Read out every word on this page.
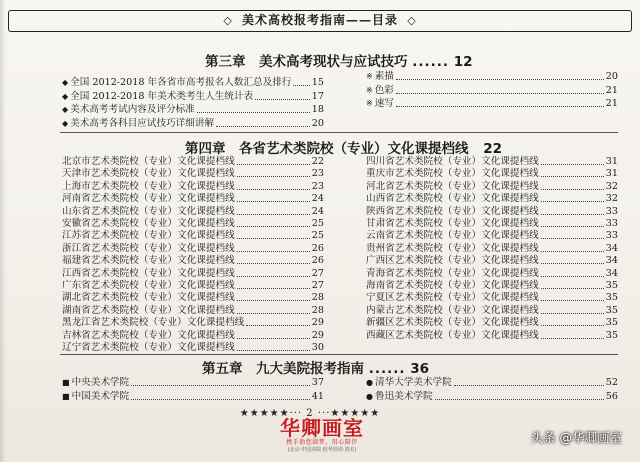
◇ 美术高校报考指南——目录 ◇
第三章　美术高考现状与应试技巧 ...... 12
◆ 全国 2012-2018 年各省市高考报名人数汇总及排行 15
◆ 全国 2012-2018 年美术类考生人生统计表	17
◆ 美术高考考试内容及评分标准	18
◆ 美术高考各科目应试技巧详细讲解	20
※ 素描	20
※ 色彩	21
※ 速写	21
第四章　各省艺术类院校（专业）文化课提档线 22
北京市艺术类院校（专业）文化课提档线	22
天津市艺术类院校（专业）文化课提档线	23
上海市艺术类院校（专业）文化课提档线	23
河南省艺术类院校（专业）文化课提档线	24
山东省艺术类院校（专业）文化课提档线	24
安徽省艺术类院校（专业）文化课提档线	25
江苏省艺术类院校（专业）文化课提档线	25
浙江省艺术类院校（专业）文化课提档线	26
福建省艺术类院校（专业）文化课提档线	26
江西省艺术类院校（专业）文化课提档线	27
广东省艺术类院校（专业）文化课提档线	27
湖北省艺术类院校（专业）文化课提档线	28
湖南省艺术类院校（专业）文化课提档线	28
黑龙江省艺术类院校（专业）文化课提档线	29
吉林省艺术类院校（专业）文化课提档线	29
辽宁省艺术类院校（专业）文化课提档线	30
四川省艺术类院校（专业）文化课提档线	31
重庆市艺术类院校（专业）文化课提档线	31
河北省艺术类院校（专业）文化课提档线	32
山西省艺术类院校（专业）文化课提档线	32
陕西省艺术类院校（专业）文化课提档线	33
甘肃省艺术类院校（专业）文化课提档线	33
云南省艺术类院校（专业）文化课提档线	33
贵州省艺术类院校（专业）文化课提档线	34
广西区艺术类院校（专业）文化课提档线	34
青海省艺术类院校（专业）文化课提档线	34
海南省艺术类院校（专业）文化课提档线	35
宁夏区艺术类院校（专业）文化课提档线	35
内蒙古艺术类院校（专业）文化课提档线	35
新疆区艺术类院校（专业）文化课提档线	35
西藏区艺术类院校（专业）文化课提档线	35
第五章　九大美院报考指南 ...... 36
■ 中央美术学院	37
■ 中国美术学院	41
● 清华大学美术学院	52
● 鲁迅美术学院	56
★★★★★··· 2 ···★★★★★
华卿画室
携手助您圆梦，用心陪伴
(北京·中国美院·校考培训·清美)
头条 @华卿画室
